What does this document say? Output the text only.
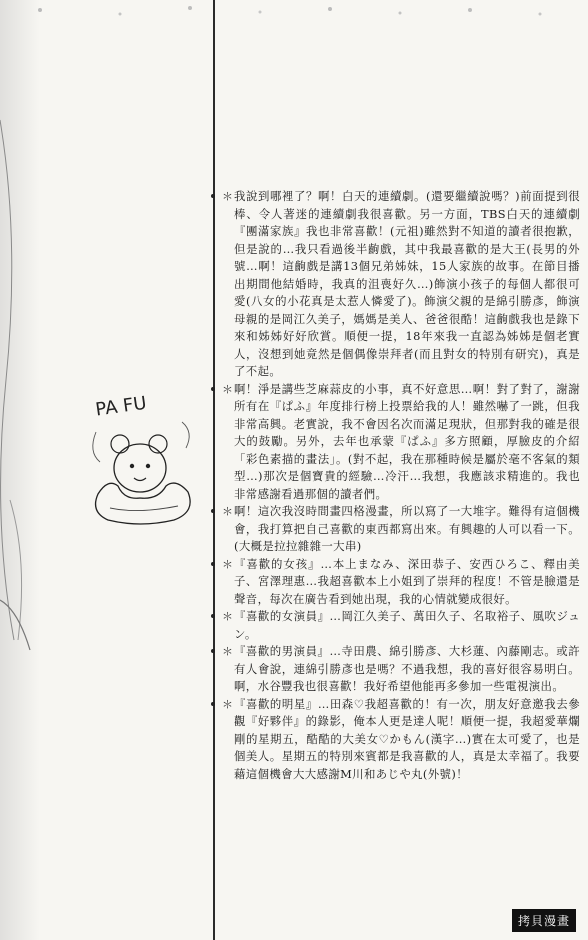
PA FU
＊ 我說到哪裡了？啊！白天的連續劇。(還要繼續說嗎？)前面提到很棒、令人著迷的連續劇我很喜歡。另一方面，TBS白天的連續劇『團滿家族』我也非常喜歡！(元祖)雖然對不知道的讀者很抱歉，但是說的…我只看過後半齣戲，其中我最喜歡的是大王(長男的外號…啊！這齣戲是講13個兄弟姊妹，15人家族的故事。在節目播出期間他結婚時，我真的沮喪好久…)飾演小孩子的每個人都很可愛(八女的小花真是太惹人憐愛了)。飾演父親的是綿引勝彥，飾演母親的是岡江久美子，媽媽是美人、爸爸很酷！這齣戲我也是錄下來和姊姊好好欣賞。順便一提，18年來我一直認為姊姊是個老實人，沒想到她竟然是個偶像崇拜者(而且對女的特別有研究)，真是了不起。
＊ 啊！淨是講些芝麻蒜皮的小事，真不好意思…啊！對了對了，謝謝所有在『ぱふ』年度排行榜上投票給我的人！雖然嚇了一跳，但我非常高興。老實說，我不會因名次而滿足現狀，但那對我的確是很大的鼓勵。另外，去年也承蒙『ぱふ』多方照顧，厚臉皮的介紹「彩色素描的畫法」。(對不起，我在那種時候是屬於毫不客氣的類型…)那次是個寶貴的經驗…冷汗…我想，我應該求精進的。我也非常感謝看過那個的讀者們。
＊ 啊！這次我沒時間畫四格漫畫，所以寫了一大堆字。難得有這個機會，我打算把自己喜歡的東西都寫出來。有興趣的人可以看一下。(大概是拉拉雜雜一大串)
＊ 『喜歡的女孩』…本上まなみ、深田恭子、安西ひろこ、釋由美子、宮澤理惠…我超喜歡本上小姐到了崇拜的程度！不管是臉還是聲音，每次在廣告看到她出現，我的心情就變成很好。
＊ 『喜歡的女演員』…岡江久美子、萬田久子、名取裕子、風吹ジュン。
＊ 『喜歡的男演員』…寺田農、綿引勝彥、大杉蓮、內藤剛志。或許有人會說，連綿引勝彥也是嗎？不過我想，我的喜好很容易明白。啊，水谷豐我也很喜歡！我好希望他能再多參加一些電視演出。
＊ 『喜歡的明星』…田森♡我超喜歡的！有一次，朋友好意邀我去參觀『好夥伴』的錄影，俺本人更是達人呢！順便一提，我超愛華爛剛的星期五，酷酷的大美女♡かもん(漢字…)實在太可愛了，也是個美人。星期五的特別來賓都是我喜歡的人，真是太幸福了。我要藉這個機會大大感謝M川和あじや丸(外號)！
拷貝漫畫
